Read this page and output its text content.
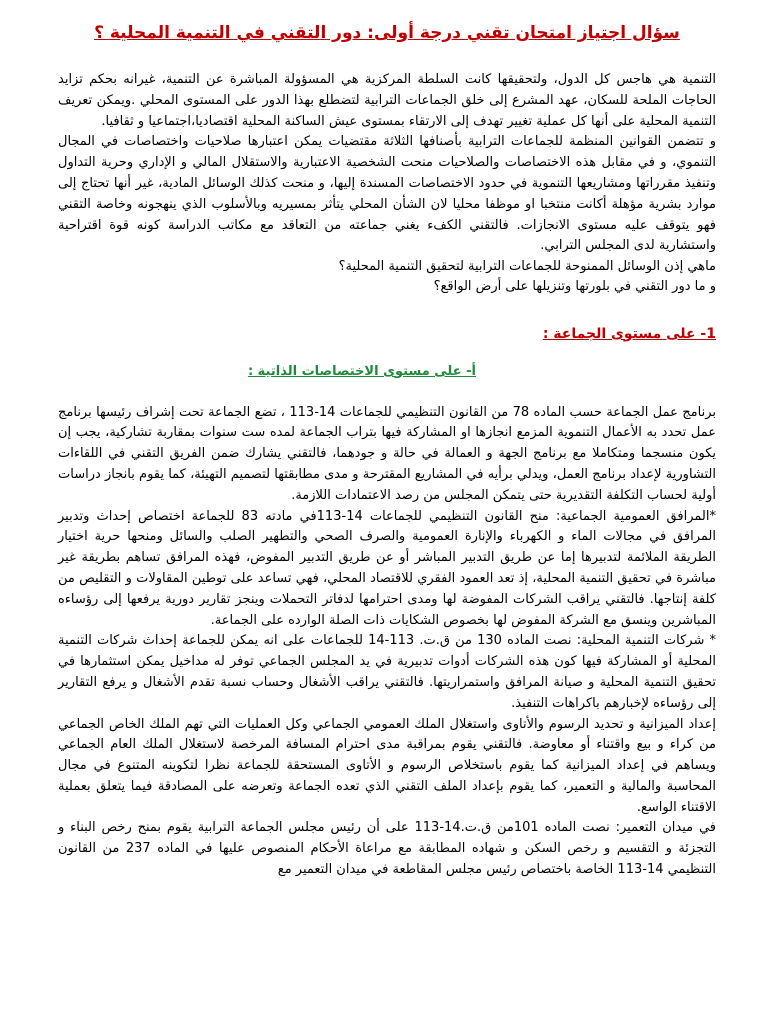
سؤال اجتياز امتحان تقني درجة أولى: دور التقني في التنمية المحلية ؟

التنمية هي هاجس كل الدول، ولتحقيقها كانت السلطة المركزية هي المسؤولة المباشرة عن التنمية، غيرانه بحكم تزايد الحاجات الملحة للسكان، عهد المشرع إلى خلق الجماعات الترابية لتضطلع بهذا الدور على المستوى المحلي .ويمكن تعريف التنمية المحلية على أنها كل عملية تغيير تهدف إلى الارتقاء بمستوى عيش الساكنة المحلية اقتصاديا،اجتماعيا و ثقافيا.

و تتضمن القوانين المنظمة للجماعات الترابية بأصنافها الثلاثة مقتضيات يمكن اعتبارها صلاحيات واختصاصات في المجال التنموي، و في مقابل هذه الاختصاصات والصلاحيات منحت الشخصية الاعتبارية والاستقلال المالي و الإداري وحرية التداول وتنفيذ مقرراتها ومشاريعها التنموية في حدود الاختصاصات المسندة إليها، و منحت كذلك الوسائل المادية، غير أنها تحتاج إلى موارد بشرية مؤهلة أكانت منتخبا او موظفا محليا لان الشأن المحلي يتأثر بمسيريه وبالأسلوب الذي ينهجونه وخاصة التقني فهو يتوقف عليه مستوى الانجازات. فالتقني الكفء يغني جماعته من التعاقد مع مكاتب الدراسة كونه قوة اقتراحية واستشارية لدى المجلس الترابي.

ماهي إذن الوسائل الممنوحة للجماعات الترابية لتحقيق التنمية المحلية؟

و ما دور التقني في بلورتها وتنزيلها على أرض الواقع؟

1- على مستوى الجماعة :
أ- على مستوى الاختصاصات الذاتية :

برنامج عمل الجماعة حسب الماده 78 من القانون التنظيمي للجماعات 14-113 ، تضع الجماعة تحت إشراف رئيسها برنامج عمل تحدد به الأعمال التنموية المزمع انجازها او المشاركة فيها بتراب الجماعة لمده ست سنوات بمقاربة تشاركية، يجب إن يكون منسجما ومتكاملا مع برنامج الجهة و العمالة في حالة و جودهما، فالتقني يشارك ضمن الفريق التقني في اللقاءات التشاورية لإعداد برنامج العمل، ويدلي برأيه في المشاريع المقترحة و مدى مطابقتها لتصميم التهيئة، كما يقوم بانجاز دراسات أولية لحساب التكلفة التقديرية حتى يتمكن المجلس من رصد الاعتمادات اللازمة.

*المرافق العمومية الجماعية: منح القانون التنظيمي للجماعات 14-113في مادته 83 للجماعة اختصاص إحداث وتدبير المرافق في مجالات الماء و الكهرباء والإنارة العمومية والصرف الصحي والتطهير الصلب والسائل ومنحها حرية اختيار الطريقة الملائمة لتدبيرها إما عن طريق التدبير المباشر أو عن طريق التدبير المفوض، فهذه المرافق تساهم بطريقة غير مباشرة في تحقيق التنمية المحلية، إذ تعد العمود الفقري للاقتصاد المحلي، فهي تساعد على توطين المقاولات و التقليص من كلفة إنتاجها. فالتقني يراقب الشركات المفوضة لها ومدى احترامها لدفاتر التحملات وينجز تقارير دورية يرفعها إلى رؤساءه المباشرين وينسق مع الشركة المفوض لها بخصوص الشكايات ذات الصلة الوارده على الجماعة.

* شركات التنمية المحلية: نصت الماده 130 من ق.ت. 113-14 للجماعات على انه يمكن للجماعة إحداث شركات التنمية المحلية أو المشاركة فيها كون هذه الشركات أدوات تدبيرية في يد المجلس الجماعي توفر له مداخيل يمكن استثمارها في تحقيق التنمية المحلية و صيانة المرافق واستمراريتها. فالتقني يراقب الأشغال وحساب نسبة تقدم الأشغال و يرفع التقارير إلى رؤساءه لإخبارهم باكراهات التنفيذ.

إعداد الميزانية و تحديد الرسوم والأتاوى واستغلال الملك العمومي الجماعي وكل العمليات التي تهم الملك الخاص الجماعي من كراء و بيع واقتناء أو معاوضة. فالتقني يقوم بمراقبة مدى احترام المسافة المرخصة لاستغلال الملك العام الجماعي ويساهم في إعداد الميزانية كما يقوم باستخلاص الرسوم و الأتاوى المستحقة للجماعة نظرا لتكوينه المتنوع في مجال المحاسبة والمالية و التعمير، كما يقوم بإعداد الملف التقني الذي تعده الجماعة وتعرضه على المصادقة فيما يتعلق بعملية الاقتناء الواسع.

في ميدان التعمير: نصت الماده 101من ق.ت.14-113 على أن رئيس مجلس الجماعة الترابية يقوم بمنح رخص البناء و التجزئة و التقسيم و رخص السكن و شهاده المطابقة مع مراعاة الأحكام المنصوص عليها في الماده 237 من القانون التنظيمي 14-113 الخاصة باختصاص رئيس مجلس المقاطعة في ميدان التعمير مع
